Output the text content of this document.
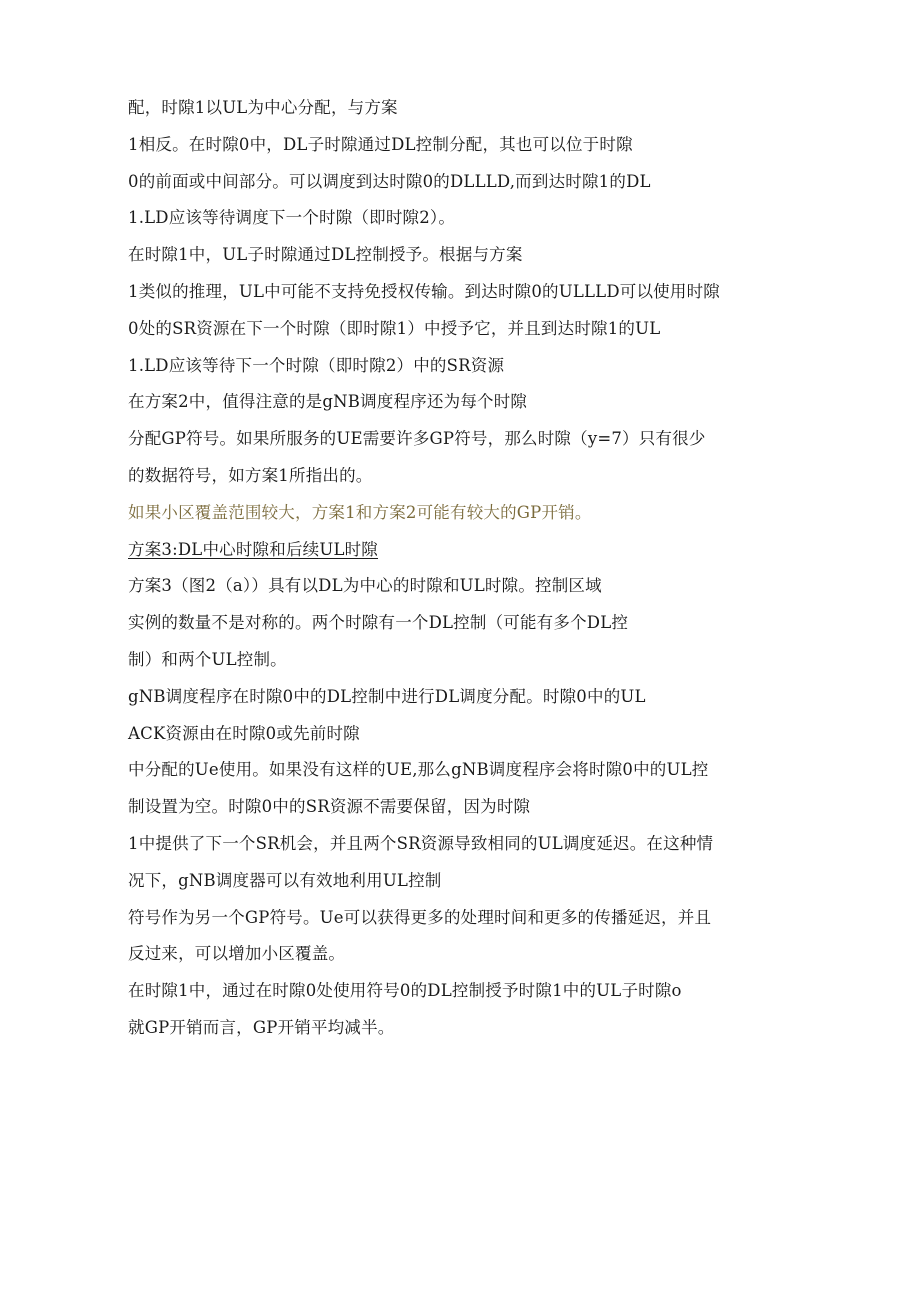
配，时隙1以UL为中心分配，与方案
1相反。在时隙0中，DL子时隙通过DL控制分配，其也可以位于时隙
0的前面或中间部分。可以调度到达时隙0的DLLLD,而到达时隙1的DL
1.LD应该等待调度下一个时隙（即时隙2）。
在时隙1中，UL子时隙通过DL控制授予。根据与方案
1类似的推理，UL中可能不支持免授权传输。到达时隙0的ULLLD可以使用时隙
0处的SR资源在下一个时隙（即时隙1）中授予它，并且到达时隙1的UL
1.LD应该等待下一个时隙（即时隙2）中的SR资源
在方案2中，值得注意的是gNB调度程序还为每个时隙
分配GP符号。如果所服务的UE需要许多GP符号，那么时隙（y=7）只有很少
的数据符号，如方案1所指出的。
如果小区覆盖范围较大，方案1和方案2可能有较大的GP开销。
方案3:DL中心时隙和后续UL时隙
方案3（图2（a））具有以DL为中心的时隙和UL时隙。控制区域
实例的数量不是对称的。两个时隙有一个DL控制（可能有多个DL控
制）和两个UL控制。
gNB调度程序在时隙0中的DL控制中进行DL调度分配。时隙0中的UL
ACK资源由在时隙0或先前时隙
中分配的Ue使用。如果没有这样的UE,那么gNB调度程序会将时隙0中的UL控
制设置为空。时隙0中的SR资源不需要保留，因为时隙
1中提供了下一个SR机会，并且两个SR资源导致相同的UL调度延迟。在这种情
况下，gNB调度器可以有效地利用UL控制
符号作为另一个GP符号。Ue可以获得更多的处理时间和更多的传播延迟，并且
反过来，可以增加小区覆盖。
在时隙1中，通过在时隙0处使用符号0的DL控制授予时隙1中的UL子时隙o
就GP开销而言，GP开销平均减半。
